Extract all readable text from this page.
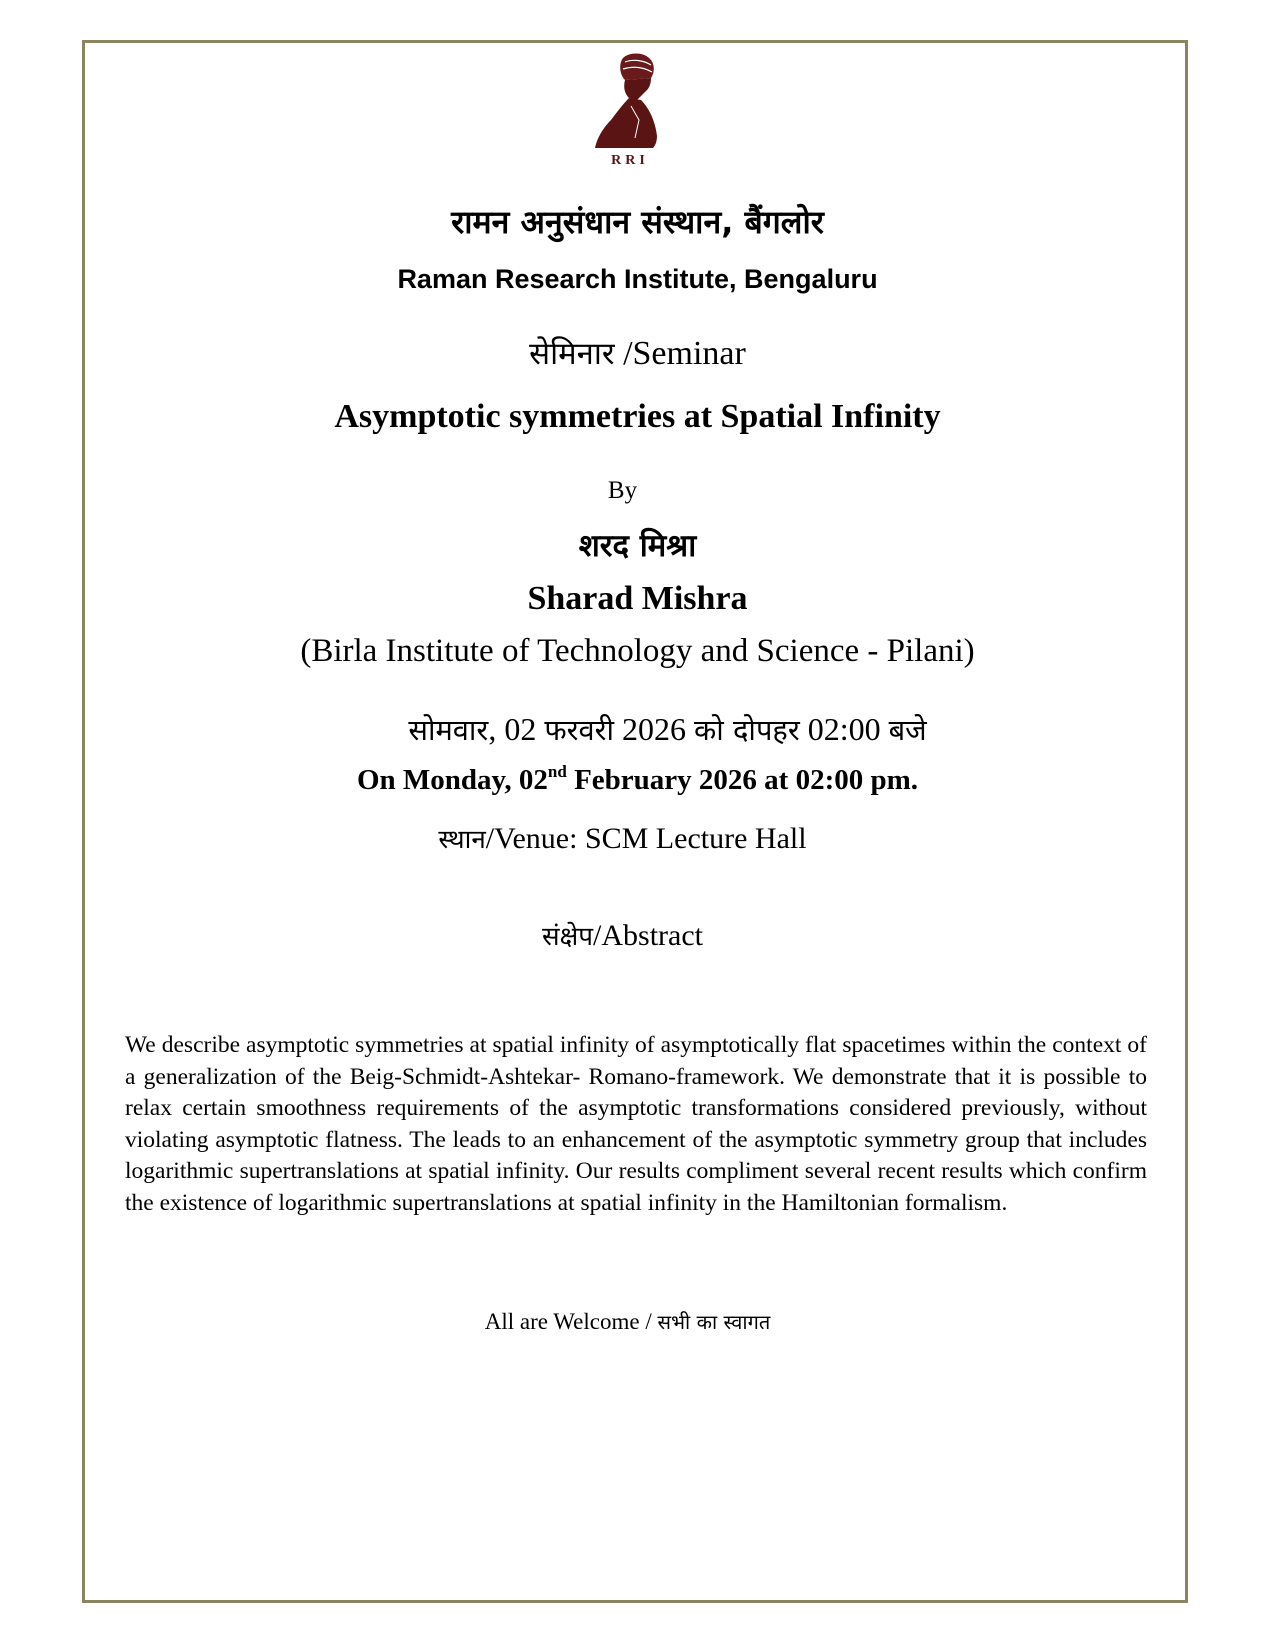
RRI
रामन अनुसंधान संस्थान, बैंगलोर
Raman Research Institute, Bengaluru
सेमिनार /Seminar
Asymptotic symmetries at Spatial Infinity
By
शरद मिश्रा
Sharad Mishra
(Birla Institute of Technology and Science - Pilani)
सोमवार, 02 फरवरी 2026 को दोपहर 02:00 बजे
On Monday, 02nd February 2026 at 02:00 pm.
स्थान/Venue: SCM Lecture Hall
संक्षेप/Abstract
We describe asymptotic symmetries at spatial infinity of asymptotically flat spacetimes within the context of a generalization of the Beig-Schmidt-Ashtekar- Romano-framework. We demonstrate that it is possible to relax certain smoothness requirements of the asymptotic transformations considered previously, without violating asymptotic flatness. The leads to an enhancement of the asymptotic symmetry group that includes logarithmic supertranslations at spatial infinity. Our results compliment several recent results which confirm the existence of logarithmic supertranslations at spatial infinity in the Hamiltonian formalism.
All are Welcome / सभी का स्वागत
